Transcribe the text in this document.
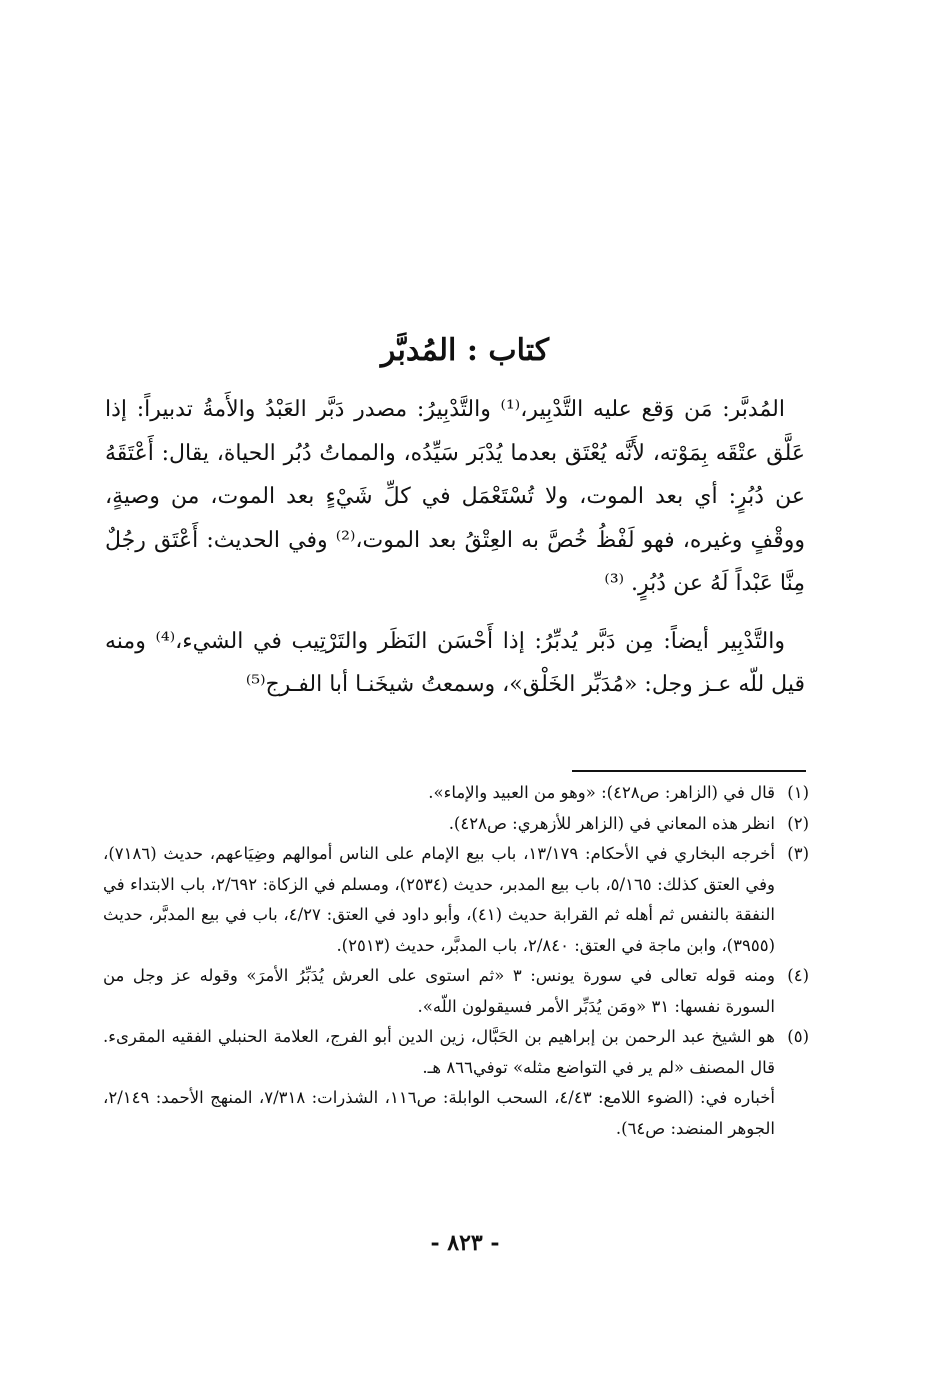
كتاب : المُدبَّر

المُدبَّر: مَن وَقع عليه التَّدْبِير،⁽¹⁾ والتَّدْبِيرُ: مصدر دَبَّر العَبْدُ والأَمةُ تدبيراً: إذا عَلَّق عتْقَه بِمَوْته، لأَنَّه يُعْتَق بعدما يُدْبَر سَيِّدُه، والمماتُ دُبُر الحياة، يقال: أَعْتَقَهُ عن دُبُرٍ: أي بعد الموت، ولا تُسْتَعْمَل في كلِّ شَيْءٍ بعد الموت، من وصيةٍ، ووقْفٍ وغيره، فهو لَفْظُ خُصَّ به العِتْقُ بعد الموت،⁽²⁾ وفي الحديث: أَعْتَق رجُلٌ مِنَّا عَبْداً لَهُ عن دُبُرٍ. ⁽³⁾

والتَّدْبِير أيضاً: مِن دَبَّر يُدبِّرُ: إذا أَحْسَن النَظَر والتَرْتِيب في الشيء،⁽⁴⁾ ومنه قيل للّه عـز وجل: «مُدَبِّر الخَلْق»، وسمعتُ شيخَنـا أبا الفـرج⁽⁵⁾

(١)
قال في (الزاهر: ص٤٢٨): «وهو من العبيد والإماء».
(٢)
انظر هذه المعاني في (الزاهر للأزهري: ص٤٢٨).
(٣)
أخرجه البخاري في الأحكام: ١٣/١٧٩، باب بيع الإمام على الناس أموالهم وضِيَاعهم، حديث (٧١٨٦)، وفي العتق كذلك: ٥/١٦٥، باب بيع المدبر، حديث (٢٥٣٤)، ومسلم في الزكاة: ٢/٦٩٢، باب الابتداء في النفقة بالنفس ثم أهله ثم القرابة حديث (٤١)، وأبو داود في العتق: ٤/٢٧، باب في بيع المدبَّر، حديث (٣٩٥٥)، وابن ماجة في العتق: ٢/٨٤٠، باب المدبَّر، حديث (٢٥١٣).
(٤)
ومنه قوله تعالى في سورة يونس: ٣ «ثم استوى على العرش يُدَبِّرُ الأمرَ» وقوله عز وجل من السورة نفسها: ٣١ «ومَن يُدَبِّر الأمر فسيقولون اللّه».
(٥)
هو الشيخ عبد الرحمن بن إبراهيم بن الحَبَّال، زين الدين أبو الفرج، العلامة الحنبلي الفقيه المقرىء. قال المصنف «لم ير في التواضع مثله» توفي٨٦٦ هـ.
أخباره في: (الضوء اللامع: ٤/٤٣، السحب الوابلة: ص١١٦، الشذرات: ٧/٣١٨، المنهج الأحمد: ٢/١٤٩، الجوهر المنضد: ص٦٤).
- ٨٢٣ -
